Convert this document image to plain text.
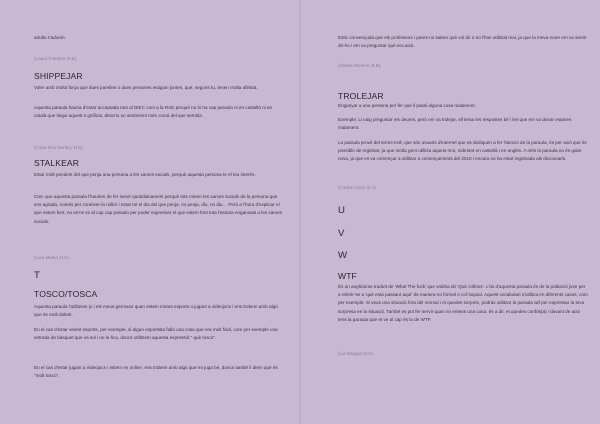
adults s'adonin.

(Laura Fuentes 4t B)

SHIPPEJAR

Voler amb molta força que dues parelles o dues persones estiguin juntes, que, segons tu, tenen molta afinitat.

Aquesta paraula hauria d'estar acceptada tant al DIEC com a la RAE perquè no hi ha cap paraula ni en castellà ni en català que tingui aquest s gnificat, descriu un sentiment més comú del que sembla.

(Carla Dux-Santoy 4t D)

STALKEAR

Estar molt pendent del que penja una persona a les xarxes socials, perquè aquesta persona te el teu interès.

Crec que aquesta paraula l'haurien de fer servir quotidianament perquè tots mirem les xarxes socials de la persona que ens agrada, només per conèixer-la millor i estar tot el dia del que penja, no penja, diu, no diu… Però a l'hora d'explicar el que estem fent, no se'ns ve al cap cap paraula per poder expressar el que estem fent tota l'estona enganxats a les xarxes socials.

(Laia Masià 4t A)

T

TOSCO/TOSCA

Aquesta paraula l'utilitzem jo i els meus germans quan estem mirant esports o jugant a videojocs i ens trobem amb algú que és molt dolent.

En el cas d'estar veient esports, per exemple, si algun esportista falla una cosa que era molt fàcil, com per exemple una entrada de bàsquet que va sol i no la fica, doncs utilitzem aquesta expressió " què tosco".

En el cas d'estar jugant a videojocs i estem en online, ens trobem amb algú que no juga bé, doncs també li diem que és "molt tosco".

Estic convençuda que els professors i pares no saben què vol dir o no l'han utilitzat mai, ja que la meva mare em va sentir dir-ho i em va preguntar què era això.

(Gisela Moreno 4t B)

TROLEJAR

Enganyar a una persona per fer que li passi alguna cosa malament.

Exemple: Li vaig preguntar els deures, però em va trolejar, ell tenia les respostes bé i les que em va donar estaven malament.

La paraula prové del terme troll, que són usuaris d'internet que es dediquen a fer l'asoció de la paraula, és per això que és possible de registrar, ja que molta gent utilitza aquest mot, sobretot en castellà i en anglès. A més la paraula no és gaire nova, ja que es va començar a utilitzar a començaments del 2010 i encara no ha estat registrada als diccionaris.

(Carlos Cano 4t A)

U

V

W

WTF

És un anglicisme traduït de 'What The fuck' que voldria dir 'Què collons'. L'ús d'aquesta paraula és de la població jove per a referir-se a 'què està passant aquí' de manera no formal o col·loquial. Aquest vocabulari s'utilitza en diferents casos, com per exemple: Si veus una situació fora del normal i et quedes sorprès, podràs utilitzar la paraula wtf per expressar la teva sorpresa en la situació. També es pot fer servir quan no entens una cosa, és a dir, et quedes confós(a) i davant de això tens la paraula que et ve al cap és la de WTF.

(Lia Moguel 4t A)
